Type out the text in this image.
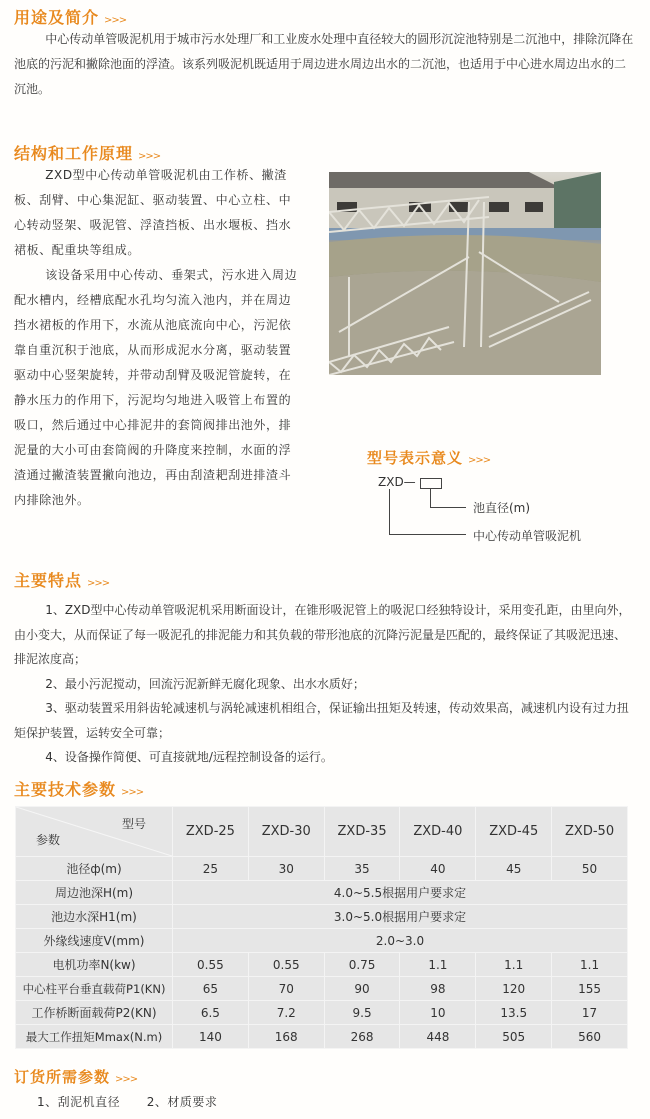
用途及简介 >>>

中心传动单管吸泥机用于城市污水处理厂和工业废水处理中直径较大的圆形沉淀池特别是二沉池中，排除沉降在池底的污泥和撇除池面的浮渣。该系列吸泥机既适用于周边进水周边出水的二沉池，也适用于中心进水周边出水的二沉池。

结构和工作原理 >>>

ZXD型中心传动单管吸泥机由工作桥、撇渣板、刮臂、中心集泥缸、驱动装置、中心立柱、中心转动竖架、吸泥管、浮渣挡板、出水堰板、挡水裙板、配重块等组成。

该设备采用中心传动、垂架式，污水进入周边配水槽内，经槽底配水孔均匀流入池内，并在周边挡水裙板的作用下，水流从池底流向中心，污泥依靠自重沉积于池底，从而形成泥水分离，驱动装置驱动中心竖架旋转，并带动刮臂及吸泥管旋转，在静水压力的作用下，污泥均匀地进入吸管上布置的吸口，然后通过中心排泥井的套筒阀排出池外，排泥量的大小可由套筒阀的升降度来控制，水面的浮渣通过撇渣装置撇向池边，再由刮渣耙刮进排渣斗内排除池外。

型号表示意义 >>>
ZXD—
池直径(m)
中心传动单管吸泥机
主要特点 >>>

1、ZXD型中心传动单管吸泥机采用断面设计，在锥形吸泥管上的吸泥口经独特设计，采用变孔距，由里向外，由小变大，从而保证了每一吸泥孔的排泥能力和其负载的带形池底的沉降污泥量是匹配的，最终保证了其吸泥迅速、排泥浓度高；

2、最小污泥搅动，回流污泥新鲜无腐化现象、出水水质好；

3、驱动装置采用斜齿轮减速机与涡轮减速机相组合，保证输出扭矩及转速，传动效果高，减速机内设有过力扭矩保护装置，运转安全可靠；

4、设备操作简便、可直接就地/远程控制设备的运行。

主要技术参数 >>>
型号
参数	ZXD-25	ZXD-30	ZXD-35	ZXD-40	ZXD-45	ZXD-50
池径ф(m)	25	30	35	40	45	50
周边池深H(m)	4.0~5.5根据用户要求定					
池边水深H1(m)	3.0~5.0根据用户要求定					
外缘线速度V(mm)	2.0~3.0					
电机功率N(kw)	0.55	0.55	0.75	1.1	1.1	1.1
中心柱平台垂直载荷P1(KN)	65	70	90	98	120	155
工作桥断面载荷P2(KN)	6.5	7.2	9.5	10	13.5	17
最大工作扭矩Mmax(N.m)	140	168	268	448	505	560
订货所需参数 >>>
1、刮泥机直径 2、材质要求
